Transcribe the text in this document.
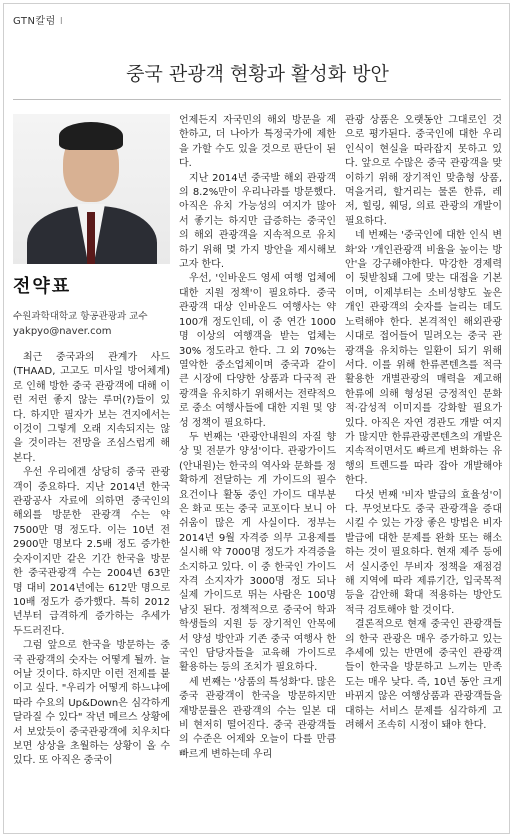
GTN칼럼 I
중국 관광객 현황과 활성화 방안
전약표
수원과학대학교 항공관광과 교수
yakpyo@naver.com

최근 중국과의 관계가 사드(THAAD, 고고도 미사일 방어체계)로 인해 방한 중국 관광객에 대해 이런 저런 좋지 않는 루머(?)들이 있다. 하지만 필자가 보는 견지에서는 이것이 그렇게 오래 지속되지는 않을 것이라는 전망을 조심스럽게 해본다.

우선 우리에겐 상당히 중국 관광객이 중요하다. 지난 2014년 한국관광공사 자료에 의하면 중국인의 해외를 방문한 관광객 수는 약 7500만 명 정도다. 이는 10년 전 2900만 명보다 2.5배 정도 증가한 숫자이지만 같은 기간 한국을 방문한 중국관광객 수는 2004년 63만 명 대비 2014년에는 612만 명으로 10배 정도가 증가했다. 특히 2012년부터 급격하게 증가하는 추세가 두드러진다.

그럼 앞으로 한국을 방문하는 중국 관광객의 숫자는 어떻게 될까. 늘어날 것이다. 하지만 이런 전제를 붙이고 싶다. "우리가 어떻게 하느냐에 따라 수요의 Up&Down은 심각하게 달라질 수 있다" 작년 메르스 상황에서 보았듯이 중국관광객에 치우치다보면 상상을 초월하는 상황이 올 수 있다. 또 아직은 중국이

언제든지 자국민의 해외 방문을 제한하고, 더 나아가 특정국가에 제한을 가할 수도 있을 것으로 판단이 된다.

지난 2014년 중국발 해외 관광객의 8.2%만이 우리나라를 방문했다. 아직은 유치 가능성의 여지가 많아서 좋기는 하지만 급증하는 중국인의 해외 관광객을 지속적으로 유치하기 위해 몇 가지 방안을 제시해보고자 한다.

우선, '인바운드 영세 여행 업체에 대한 지원 정책'이 필요하다. 중국 관광객 대상 인바운드 여행사는 약 100개 정도인데, 이 중 연간 1000명 이상의 여행객을 받는 업체는 30% 정도라고 한다. 그 외 70%는 열악한 중소업체이며 중국과 같이 큰 시장에 다양한 상품과 다국적 관광객을 유치하기 위해서는 전략적으로 중소 여행사들에 대한 지원 및 양성 정책이 필요하다.

두 번째는 '관광안내원의 자질 향상 및 전문가 양성'이다. 관광가이드(안내원)는 한국의 역사와 문화를 정확하게 전달하는 게 가이드의 필수 요건이나 활동 중인 가이드 대부분은 화교 또는 중국 교포이다 보니 아쉬움이 많은 게 사실이다. 정부는 2014년 9월 자격증 의무 고용제를 실시해 약 7000명 정도가 자격증을 소지하고 있다. 이 중 한국인 가이드 자격 소지자가 3000명 정도 되나 실제 가이드로 뛰는 사람은 100명 남짓 된다. 정책적으로 중국어 학과 학생들의 지원 등 장기적인 안목에서 양성 방안과 기존 중국 여행사 한국인 담당자들을 교육해 가이드로 활용하는 등의 조치가 필요하다.

세 번째는 '상품의 특성화'다. 많은 중국 관광객이 한국을 방문하지만 재방문률은 관광객의 수는 일본 대비 현저히 떨어진다. 중국 관광객들의 수준은 어제와 오늘이 다를 만큼 빠르게 변하는데 우리

관광 상품은 오랫동안 그대로인 것으로 평가된다. 중국인에 대한 우리 인식이 현실을 따라잡지 못하고 있다. 앞으로 수많은 중국 관광객을 맞이하기 위해 장기적인 맞춤형 상품, 먹을거리, 할거리는 물론 한류, 레저, 힐링, 웨딩, 의료 관광의 개발이 필요하다.

네 번째는 '중국인에 대한 인식 변화'와 '개인관광객 비율을 높이는 방안'을 강구해야한다. 막강한 경제력이 뒷받침돼 그에 맞는 대접을 기본이며, 이제부터는 소비성향도 높은 개인 관광객의 숫자를 늘리는 데도 노력해야 한다. 본격적인 해외관광 시대로 접어들어 밀려오는 중국 관광객을 유치하는 일환이 되기 위해서다. 이를 위해 한류콘텐츠를 적극 활용한 개별관광의 매력을 제고해 한류에 의해 형성된 긍정적인 문화적·감성적 이미지를 강화할 필요가 있다. 아직은 자연 경관도 개발 여지가 많지만 한류관광콘텐츠의 개발은 지속적이면서도 빠르게 변화하는 유행의 트렌드를 따라 잡아 개발해야 한다.

다섯 번째 '비자 발급의 효율성'이다. 무엇보다도 중국 관광객을 증대시킬 수 있는 가장 좋은 방법은 비자 발급에 대한 문제를 완화 또는 해소하는 것이 필요하다. 현재 제주 등에서 실시중인 무비자 정책을 재점검해 지역에 따라 제류기간, 입국목적 등을 감안해 확대 적용하는 방안도 적극 검토해야 할 것이다.

결론적으로 현재 중국인 관광객들의 한국 관광은 매우 증가하고 있는 추세에 있는 반면에 중국인 관광객들이 한국을 방문하고 느끼는 만족도는 매우 낮다. 즉, 10년 동안 크게 바뀌지 않은 여행상품과 관광객들을 대하는 서비스 문제를 심각하게 고려해서 조속히 시정이 돼야 한다.
